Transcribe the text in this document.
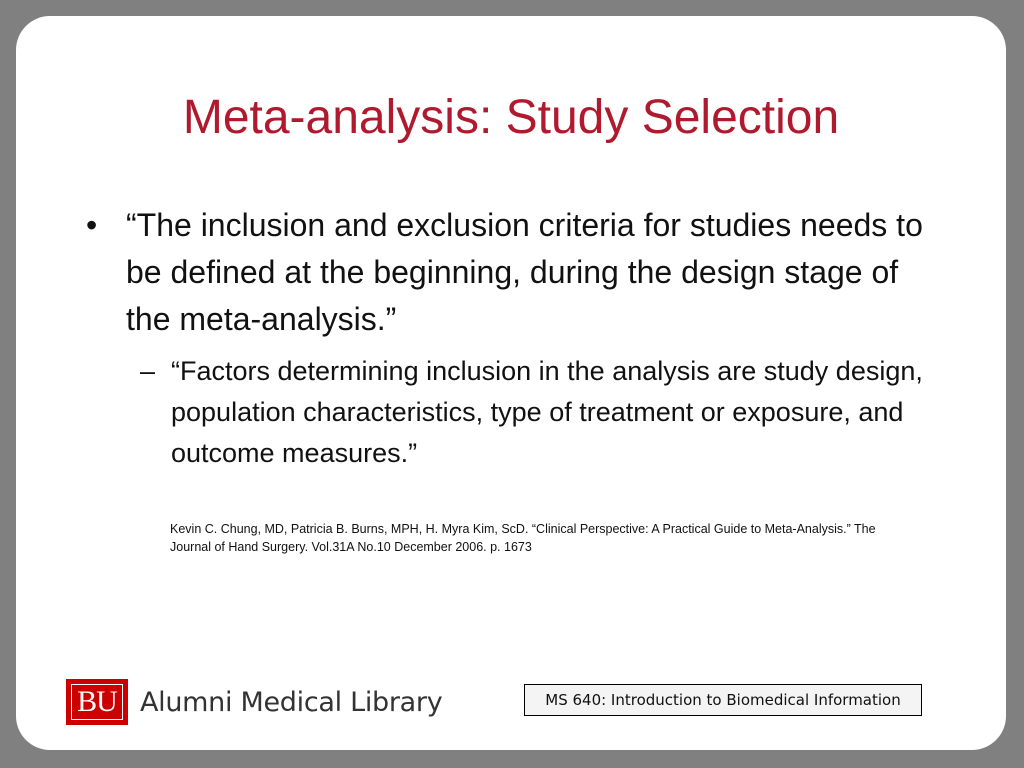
Meta-analysis: Study Selection
• “The inclusion and exclusion criteria for studies needs to be defined at the beginning, during the design stage of the meta-analysis.”
– “Factors determining inclusion in the analysis are study design, population characteristics, type of treatment or exposure, and outcome measures.”
Kevin C. Chung, MD, Patricia B. Burns, MPH, H. Myra Kim, ScD. “Clinical Perspective: A Practical Guide to Meta-Analysis.” The Journal of Hand Surgery. Vol.31A No.10 December 2006. p. 1673
BU Alumni Medical Library	MS 640: Introduction to Biomedical Information
